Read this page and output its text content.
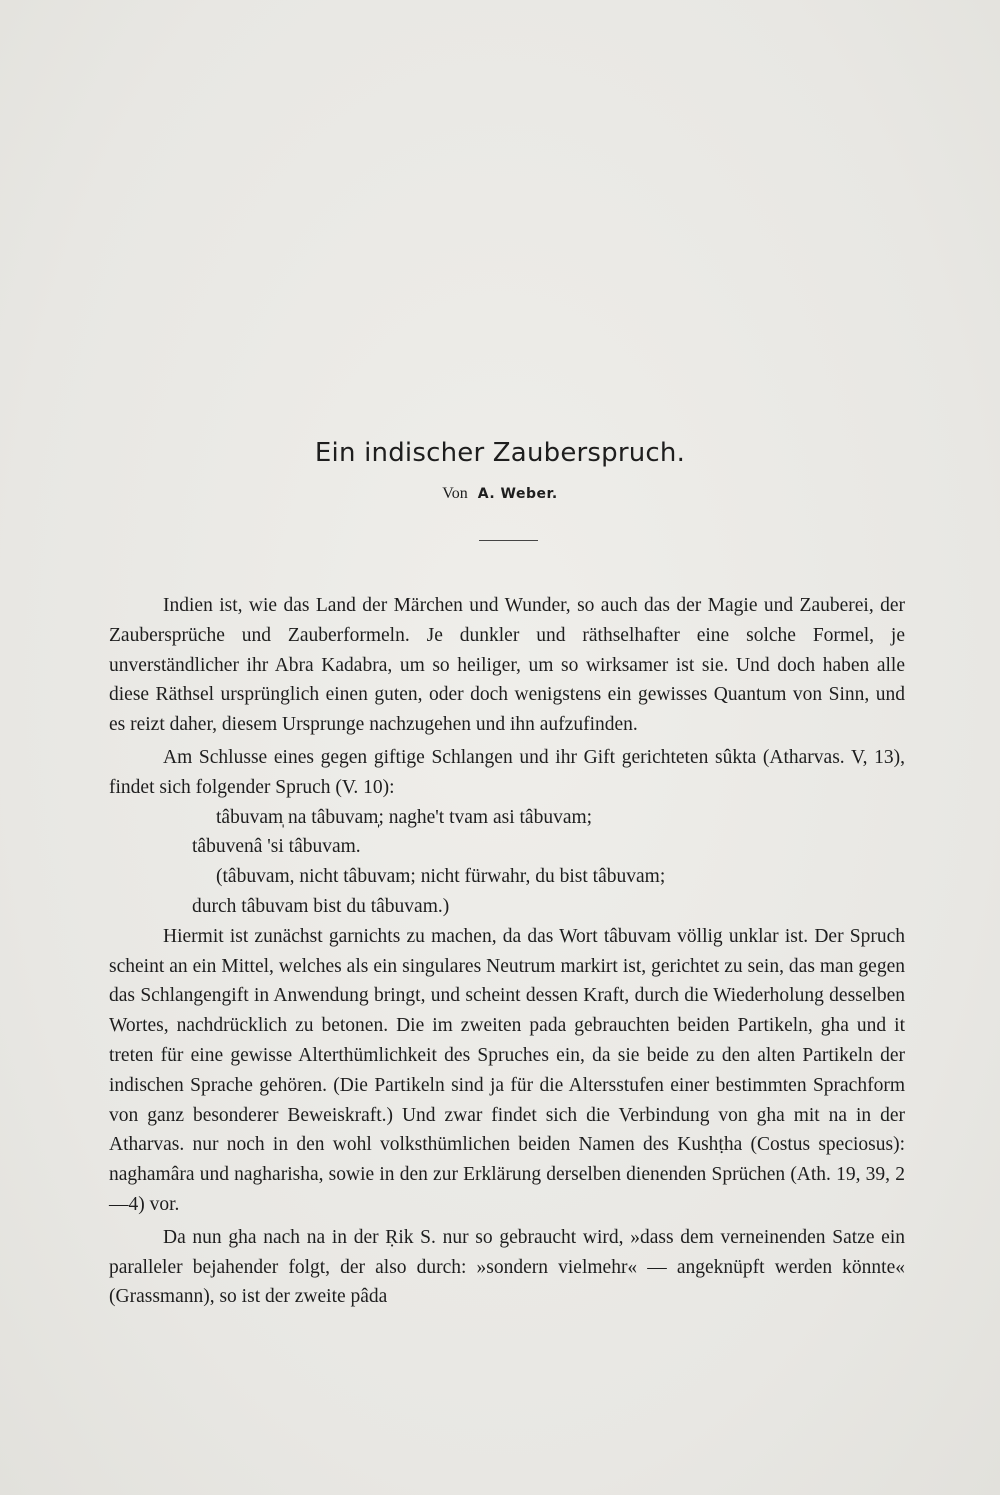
Ein indischer Zauberspruch.
Von A. Weber.

Indien ist, wie das Land der Märchen und Wunder, so auch das der Magie und Zauberei, der Zaubersprüche und Zauberformeln. Je dunkler und räthselhafter eine solche Formel, je unverständlicher ihr Abra Kadabra, um so heiliger, um so wirksamer ist sie. Und doch haben alle diese Räthsel ursprünglich einen guten, oder doch wenigstens ein gewisses Quantum von Sinn, und es reizt daher, diesem Ursprunge nachzugehen und ihn aufzufinden.

Am Schlusse eines gegen giftige Schlangen und ihr Gift gerichteten sûkta (Atharvas. V, 13), findet sich folgender Spruch (V. 10):

tâbuvam̩ na tâbuvam̩; naghe't tvam asi tâbuvam;
tâbuvenâ 'si tâbuvam.
(tâbuvam, nicht tâbuvam; nicht fürwahr, du bist tâbuvam;
durch tâbuvam bist du tâbuvam.)

Hiermit ist zunächst garnichts zu machen, da das Wort tâbuvam völlig unklar ist. Der Spruch scheint an ein Mittel, welches als ein singulares Neutrum markirt ist, gerichtet zu sein, das man gegen das Schlangengift in Anwendung bringt, und scheint dessen Kraft, durch die Wiederholung desselben Wortes, nachdrücklich zu betonen. Die im zweiten pada gebrauchten beiden Partikeln, gha und it treten für eine gewisse Alterthümlichkeit des Spruches ein, da sie beide zu den alten Partikeln der indischen Sprache gehören. (Die Partikeln sind ja für die Altersstufen einer bestimmten Sprachform von ganz besonderer Beweiskraft.) Und zwar findet sich die Verbindung von gha mit na in der Atharvas. nur noch in den wohl volksthümlichen beiden Namen des Kushṭha (Costus speciosus): naghamâra und nagharisha, sowie in den zur Erklärung derselben dienenden Sprüchen (Ath. 19, 39, 2—4) vor.

Da nun gha nach na in der Ṛik S. nur so gebraucht wird, »dass dem verneinenden Satze ein paralleler bejahender folgt, der also durch: »sondern vielmehr« — angeknüpft werden könnte« (Grassmann), so ist der zweite pâda
